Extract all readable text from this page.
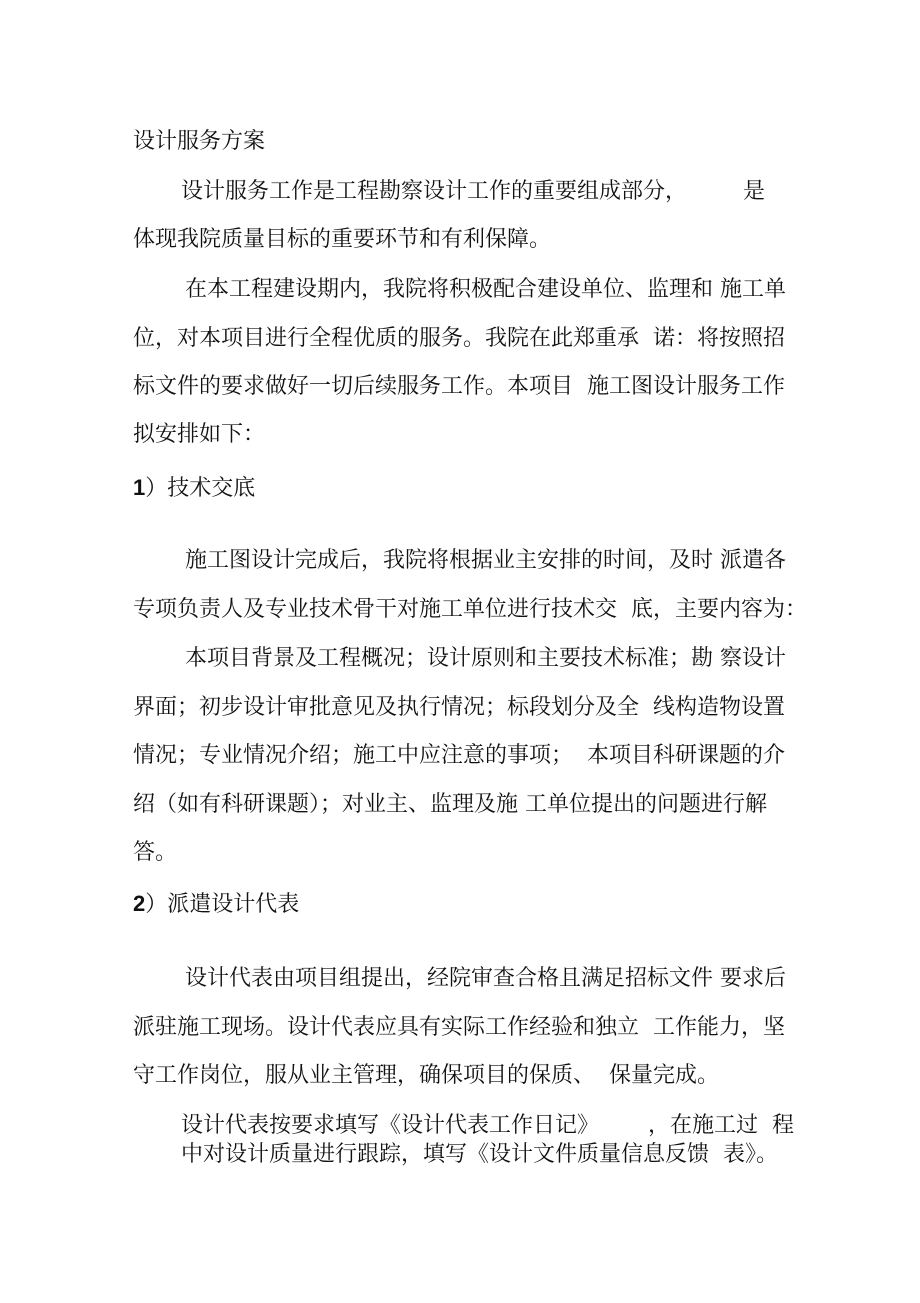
设计服务方案
设计服务工作是工程勘察设计工作的重要组成部分，        是
体现我院质量目标的重要环节和有利保障。
在本工程建设期内，我院将积极配合建设单位、监理和 施工单
位，对本项目进行全程优质的服务。我院在此郑重承  诺：将按照招
标文件的要求做好一切后续服务工作。本项目  施工图设计服务工作
拟安排如下：
1）技术交底
施工图设计完成后，我院将根据业主安排的时间，及时 派遣各
专项负责人及专业技术骨干对施工单位进行技术交  底，主要内容为：
本项目背景及工程概况；设计原则和主要技术标准；勘 察设计
界面；初步设计审批意见及执行情况；标段划分及全  线构造物设置
情况；专业情况介绍；施工中应注意的事项；  本项目科研课题的介
绍（如有科研课题）；对业主、监理及施 工单位提出的问题进行解
答。
2）派遣设计代表
设计代表由项目组提出，经院审查合格且满足招标文件 要求后
派驻施工现场。设计代表应具有实际工作经验和独立  工作能力，坚
守工作岗位，服从业主管理，确保项目的保质、  保量完成。
设计代表按要求填写《设计代表工作日记》       ，在施工过  程
中对设计质量进行跟踪，填写《设计文件质量信息反馈  表》。
